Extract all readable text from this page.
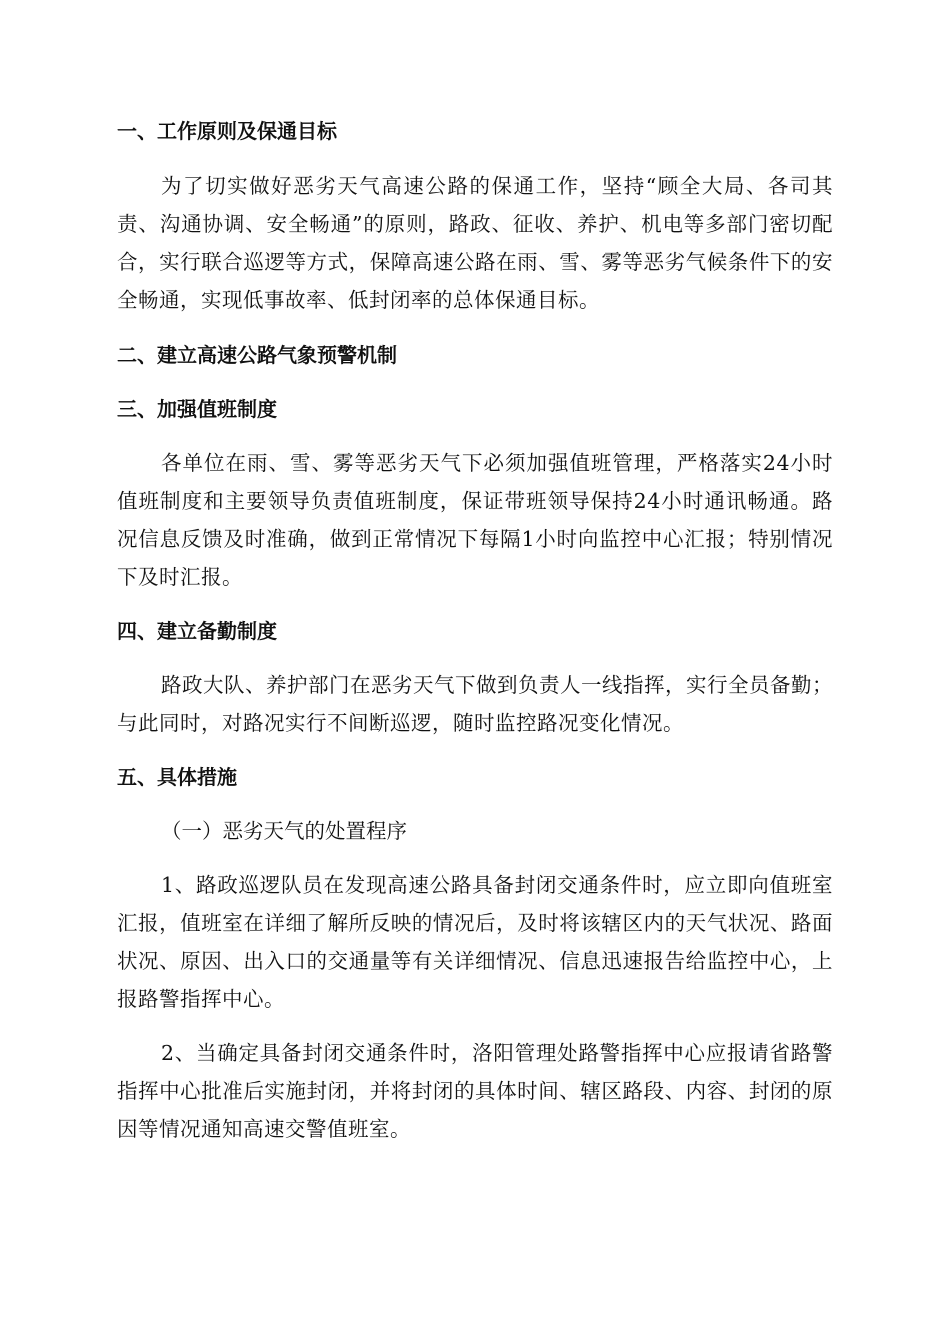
一、工作原则及保通目标

为了切实做好恶劣天气高速公路的保通工作，坚持“顾全大局、各司其责、沟通协调、安全畅通”的原则，路政、征收、养护、机电等多部门密切配合，实行联合巡逻等方式，保障高速公路在雨、雪、雾等恶劣气候条件下的安全畅通，实现低事故率、低封闭率的总体保通目标。

二、建立高速公路气象预警机制

三、加强值班制度

各单位在雨、雪、雾等恶劣天气下必须加强值班管理，严格落实24小时值班制度和主要领导负责值班制度，保证带班领导保持24小时通讯畅通。路况信息反馈及时准确，做到正常情况下每隔1小时向监控中心汇报；特别情况下及时汇报。

四、建立备勤制度

路政大队、养护部门在恶劣天气下做到负责人一线指挥，实行全员备勤；与此同时，对路况实行不间断巡逻，随时监控路况变化情况。

五、具体措施

（一）恶劣天气的处置程序

1、路政巡逻队员在发现高速公路具备封闭交通条件时，应立即向值班室汇报，值班室在详细了解所反映的情况后，及时将该辖区内的天气状况、路面状况、原因、出入口的交通量等有关详细情况、信息迅速报告给监控中心，上报路警指挥中心。

2、当确定具备封闭交通条件时，洛阳管理处路警指挥中心应报请省路警指挥中心批准后实施封闭，并将封闭的具体时间、辖区路段、内容、封闭的原因等情况通知高速交警值班室。
